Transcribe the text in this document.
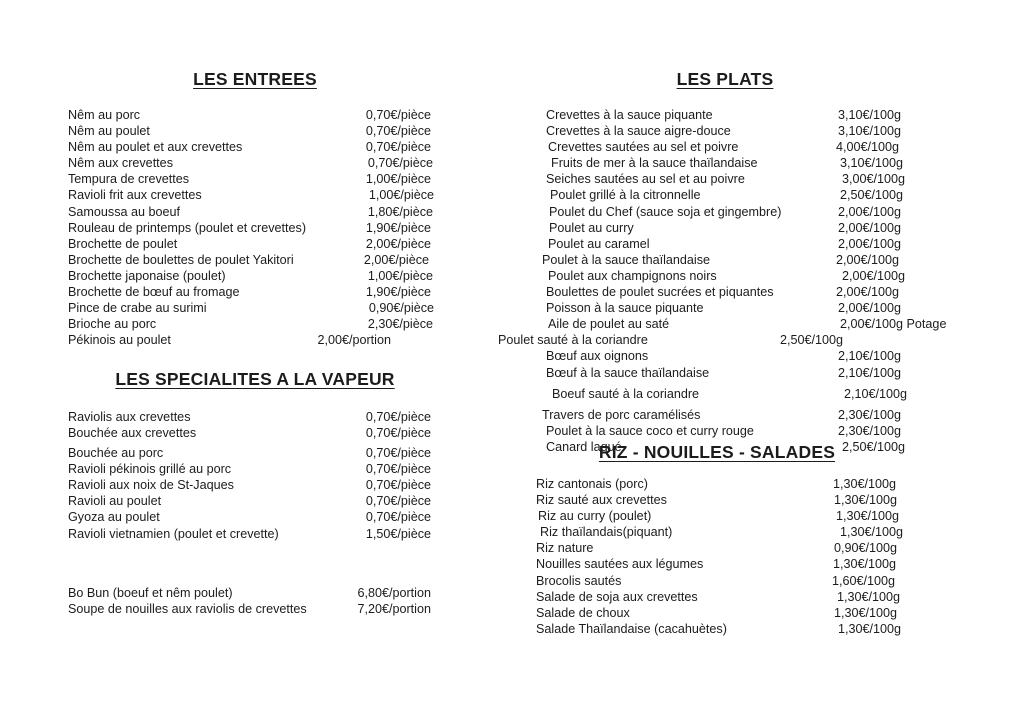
LES ENTREES
Nêm au porc	0,70€/pièce
Nêm au poulet	0,70€/pièce
Nêm au poulet et aux crevettes	0,70€/pièce
Nêm aux crevettes	0,70€/pièce
Tempura de crevettes	1,00€/pièce
Ravioli frit aux crevettes	1,00€/pièce
Samoussa au boeuf	1,80€/pièce
Rouleau de printemps (poulet et crevettes)	1,90€/pièce
Brochette de poulet	2,00€/pièce
Brochette de boulettes de poulet Yakitori	2,00€/pièce
Brochette japonaise (poulet)	1,00€/pièce
Brochette de bœuf au fromage	1,90€/pièce
Pince de crabe au surimi	0,90€/pièce
Brioche au porc	2,30€/pièce
Pékinois au poulet	2,00€/portion
LES SPECIALITES A LA VAPEUR
Raviolis aux crevettes	0,70€/pièce
Bouchée aux crevettes	0,70€/pièce
Bouchée au porc	0,70€/pièce
Ravioli pékinois grillé au porc	0,70€/pièce
Ravioli aux noix de St-Jaques	0,70€/pièce
Ravioli au poulet	0,70€/pièce
Gyoza au poulet	0,70€/pièce
Ravioli vietnamien (poulet et crevette)	1,50€/pièce
Bo Bun (boeuf et nêm poulet)	6,80€/portion
Soupe de nouilles aux raviolis de crevettes	7,20€/portion
LES PLATS
Crevettes à la sauce piquante	3,10€/100g
Crevettes à la sauce aigre-douce	3,10€/100g
Crevettes sautées au sel et poivre	4,00€/100g
Fruits de mer à la sauce thaïlandaise	3,10€/100g
Seiches sautées au sel et au poivre	3,00€/100g
Poulet grillé à la citronnelle	2,50€/100g
Poulet du Chef (sauce soja et gingembre)	2,00€/100g
Poulet au curry	2,00€/100g
Poulet au caramel	2,00€/100g
Poulet à la sauce thaïlandaise	2,00€/100g
Poulet aux champignons noirs	2,00€/100g
Boulettes de poulet sucrées et piquantes	2,00€/100g
Poisson à la sauce piquante	2,00€/100g
Aile de poulet au saté	2,00€/100g Potage
Poulet sauté à la coriandre	2,50€/100g
Bœuf aux oignons	2,10€/100g
Bœuf à la sauce thaïlandaise	2,10€/100g
Boeuf sauté à la coriandre	2,10€/100g
Travers de porc caramélisés	2,30€/100g
Poulet à la sauce coco et curry rouge	2,30€/100g
Canard laqué	2,50€/100g
RIZ - NOUILLES - SALADES
Riz cantonais (porc)	1,30€/100g
Riz sauté aux crevettes	1,30€/100g
Riz au curry (poulet)	1,30€/100g
Riz thaïlandais(piquant)	1,30€/100g
Riz nature	0,90€/100g
Nouilles sautées aux légumes	1,30€/100g
Brocolis sautés	1,60€/100g
Salade de soja aux crevettes	1,30€/100g
Salade de choux	1,30€/100g
Salade Thaïlandaise (cacahuètes)	1,30€/100g
